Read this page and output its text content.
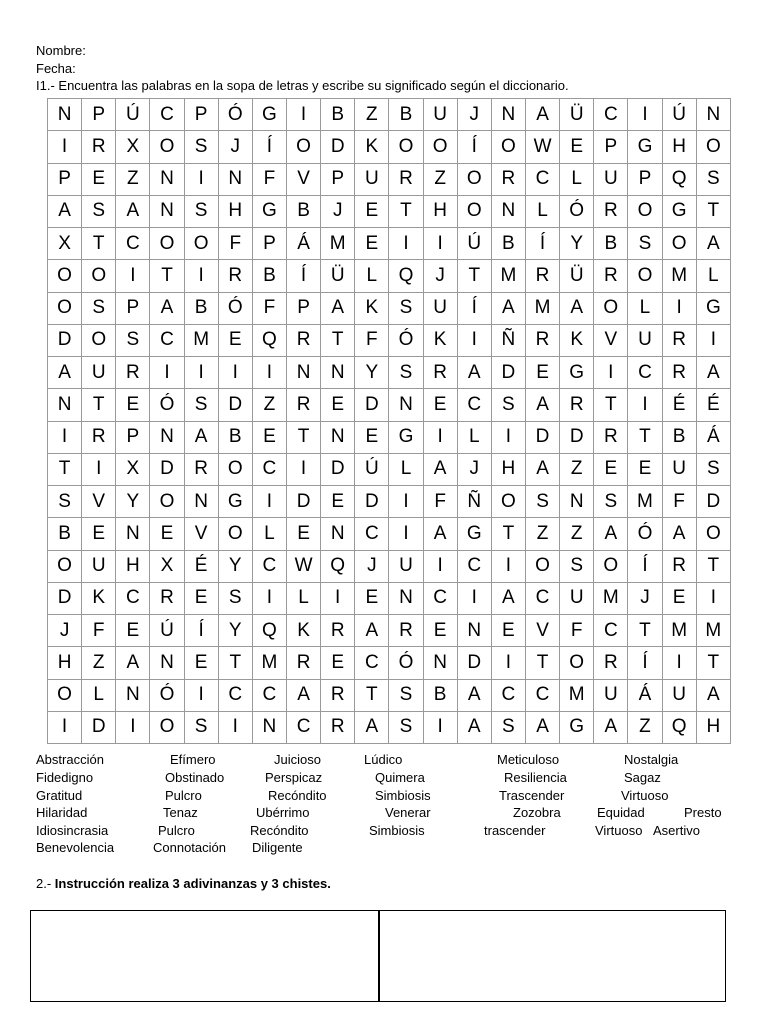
Nombre:
Fecha:
I1.- Encuentra las palabras en la sopa de letras y escribe su significado según el diccionario.
N	P	Ú	C	P	Ó	G	I	B	Z	B	U	J	N	A	Ü	C	I	Ú	N
I	R	X	O	S	J	Í	O	D	K	O	O	Í	O	W	E	P	G	H	O
P	E	Z	N	I	N	F	V	P	U	R	Z	O	R	C	L	U	P	Q	S
A	S	A	N	S	H	G	B	J	E	T	H	O	N	L	Ó	R	O	G	T
X	T	C	O	O	F	P	Á	M	E	I	I	Ú	B	Í	Y	B	S	O	A
O	O	I	T	I	R	B	Í	Ü	L	Q	J	T	M	R	Ü	R	O	M	L
O	S	P	A	B	Ó	F	P	A	K	S	U	Í	A	M	A	O	L	I	G
D	O	S	C	M	E	Q	R	T	F	Ó	K	I	Ñ	R	K	V	U	R	I
A	U	R	I	I	I	I	N	N	Y	S	R	A	D	E	G	I	C	R	A
N	T	E	Ó	S	D	Z	R	E	D	N	E	C	S	A	R	T	I	É	É
I	R	P	N	A	B	E	T	N	E	G	I	L	I	D	D	R	T	B	Á
T	I	X	D	R	O	C	I	D	Ú	L	A	J	H	A	Z	E	E	U	S
S	V	Y	O	N	G	I	D	E	D	I	F	Ñ	O	S	N	S	M	F	D
B	E	N	E	V	O	L	E	N	C	I	A	G	T	Z	Z	A	Ó	A	O
O	U	H	X	É	Y	C	W	Q	J	U	I	C	I	O	S	O	Í	R	T
D	K	C	R	E	S	I	L	I	E	N	C	I	A	C	U	M	J	E	I
J	F	E	Ú	Í	Y	Q	K	R	A	R	E	N	E	V	F	C	T	M	M
H	Z	A	N	E	T	M	R	E	C	Ó	N	D	I	T	O	R	Í	I	T
O	L	N	Ó	I	C	C	A	R	T	S	B	A	C	C	M	U	Á	U	A
I	D	I	O	S	I	N	C	R	A	S	I	A	S	A	G	A	Z	Q	H
Abstracción	Efímero	Juicioso	Lúdico	Meticuloso	Nostalgia
Fidedigno	Obstinado	Perspicaz	Quimera	Resiliencia	Sagaz
Gratitud	Pulcro	Recóndito	Simbiosis	Trascender	Virtuoso
Hilaridad	Tenaz	Ubérrimo	Venerar	Zozobra	Equidad	Presto
Idiosincrasia	Pulcro	Recóndito	Simbiosis	trascender	Virtuoso Asertivo
Benevolencia	Connotación Diligente
2.- Instrucción realiza 3 adivinanzas y 3 chistes.
